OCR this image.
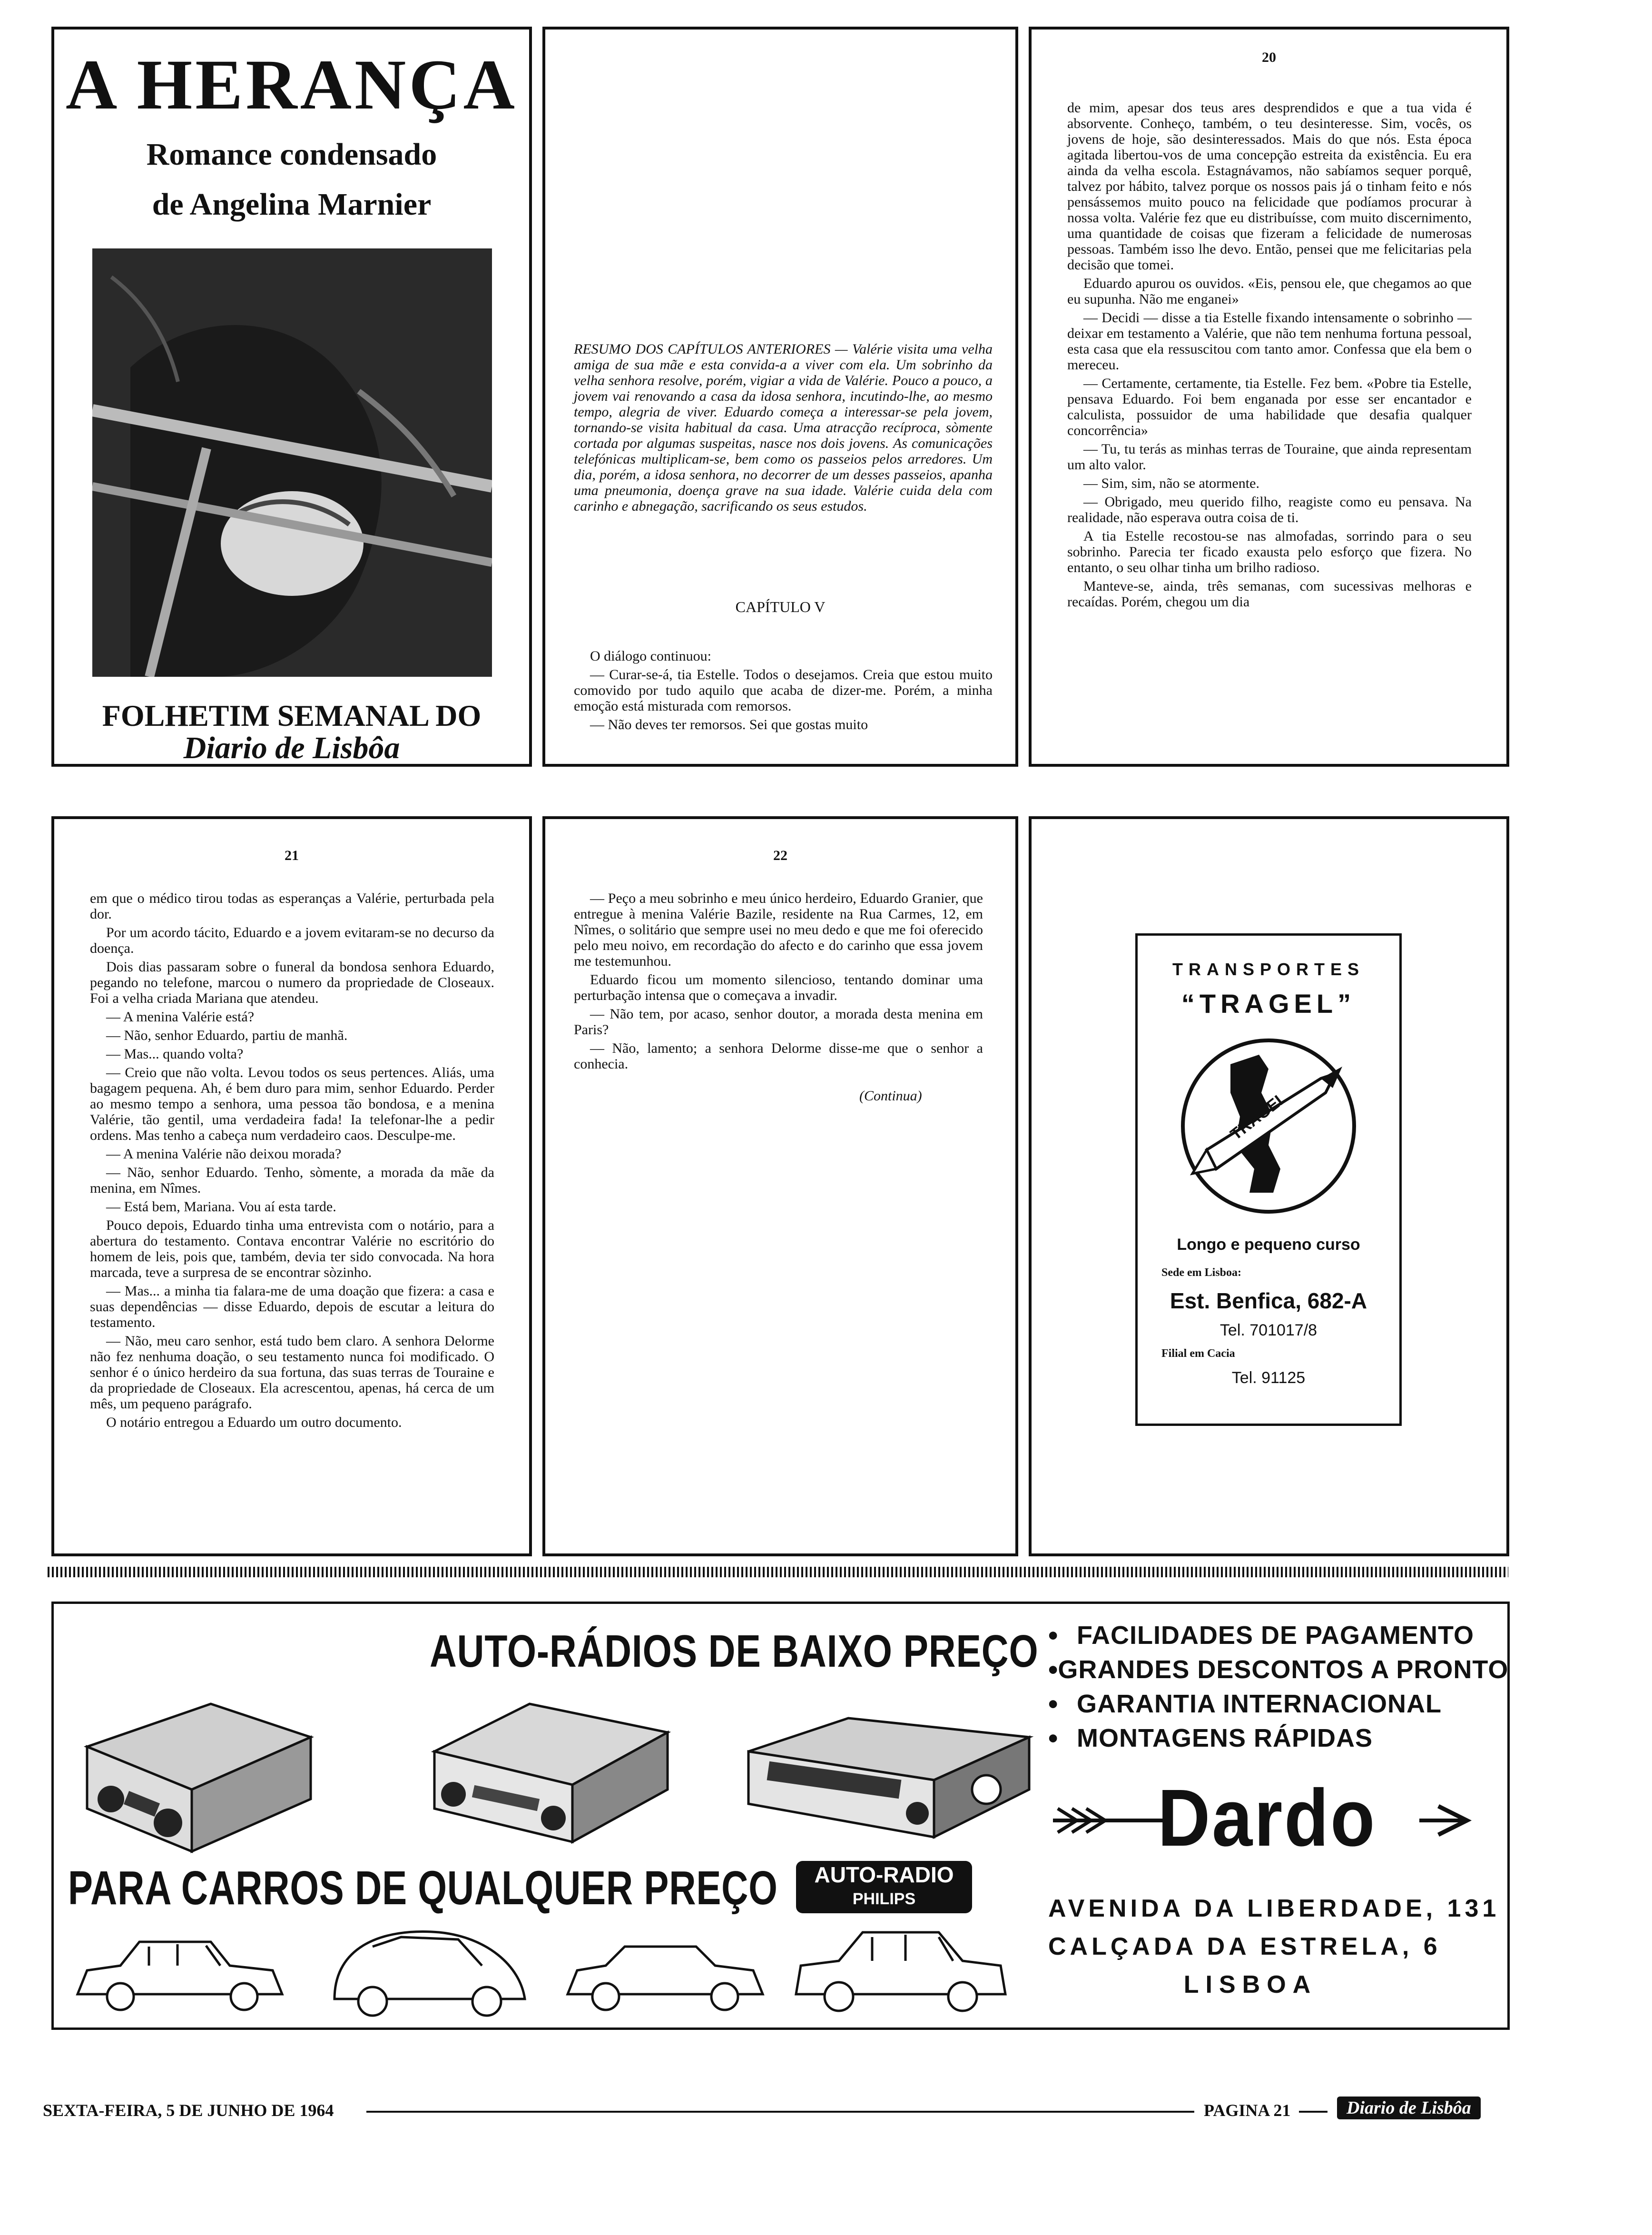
A HERANÇA
Romance condensado
de Angelina Marnier
FOLHETIM SEMANAL DO
Diario de Lisbôa
RESUMO DOS CAPÍTULOS ANTERIORES — Valérie visita uma velha amiga de sua mãe e esta convida-a a viver com ela. Um sobrinho da velha senhora resolve, porém, vigiar a vida de Valérie. Pouco a pouco, a jovem vai renovando a casa da idosa senhora, incutindo-lhe, ao mesmo tempo, alegria de viver. Eduardo começa a interessar-se pela jovem, tornando-se visita habitual da casa. Uma atracção recíproca, sòmente cortada por algumas suspeitas, nasce nos dois jovens. As comunicações telefónicas multiplicam-se, bem como os passeios pelos arredores. Um dia, porém, a idosa senhora, no decorrer de um desses passeios, apanha uma pneumonia, doença grave na sua idade. Valérie cuida dela com carinho e abnegação, sacrificando os seus estudos.
CAPÍTULO V

O diálogo continuou:

— Curar-se-á, tia Estelle. Todos o desejamos. Creia que estou muito comovido por tudo aquilo que acaba de dizer-me. Porém, a minha emoção está misturada com remorsos.

— Não deves ter remorsos. Sei que gostas muito

20

de mim, apesar dos teus ares desprendidos e que a tua vida é absorvente. Conheço, também, o teu desinteresse. Sim, vocês, os jovens de hoje, são desinteressados. Mais do que nós. Esta época agitada libertou-vos de uma concepção estreita da existência. Eu era ainda da velha escola. Estagnávamos, não sabíamos sequer porquê, talvez por hábito, talvez porque os nossos pais já o tinham feito e nós pensássemos muito pouco na felicidade que podíamos procurar à nossa volta. Valérie fez que eu distribuísse, com muito discernimento, uma quantidade de coisas que fizeram a felicidade de numerosas pessoas. Também isso lhe devo. Então, pensei que me felicitarias pela decisão que tomei.

Eduardo apurou os ouvidos. «Eis, pensou ele, que chegamos ao que eu supunha. Não me enganei»

— Decidi — disse a tia Estelle fixando intensamente o sobrinho — deixar em testamento a Valérie, que não tem nenhuma fortuna pessoal, esta casa que ela ressuscitou com tanto amor. Confessa que ela bem o mereceu.

— Certamente, certamente, tia Estelle. Fez bem. «Pobre tia Estelle, pensava Eduardo. Foi bem enganada por esse ser encantador e calculista, possuidor de uma habilidade que desafia qualquer concorrência»

— Tu, tu terás as minhas terras de Touraine, que ainda representam um alto valor.

— Sim, sim, não se atormente.

— Obrigado, meu querido filho, reagiste como eu pensava. Na realidade, não esperava outra coisa de ti.

A tia Estelle recostou-se nas almofadas, sorrindo para o seu sobrinho. Parecia ter ficado exausta pelo esforço que fizera. No entanto, o seu olhar tinha um brilho radioso.

Manteve-se, ainda, três semanas, com sucessivas melhoras e recaídas. Porém, chegou um dia

21

em que o médico tirou todas as esperanças a Valérie, perturbada pela dor.

Por um acordo tácito, Eduardo e a jovem evitaram-se no decurso da doença.

Dois dias passaram sobre o funeral da bondosa senhora Eduardo, pegando no telefone, marcou o numero da propriedade de Closeaux. Foi a velha criada Mariana que atendeu.

— A menina Valérie está?

— Não, senhor Eduardo, partiu de manhã.

— Mas... quando volta?

— Creio que não volta. Levou todos os seus pertences. Aliás, uma bagagem pequena. Ah, é bem duro para mim, senhor Eduardo. Perder ao mesmo tempo a senhora, uma pessoa tão bondosa, e a menina Valérie, tão gentil, uma verdadeira fada! Ia telefonar-lhe a pedir ordens. Mas tenho a cabeça num verdadeiro caos. Desculpe-me.

— A menina Valérie não deixou morada?

— Não, senhor Eduardo. Tenho, sòmente, a morada da mãe da menina, em Nîmes.

— Está bem, Mariana. Vou aí esta tarde.

Pouco depois, Eduardo tinha uma entrevista com o notário, para a abertura do testamento. Contava encontrar Valérie no escritório do homem de leis, pois que, também, devia ter sido convocada. Na hora marcada, teve a surpresa de se encontrar sòzinho.

— Mas... a minha tia falara-me de uma doação que fizera: a casa e suas dependências — disse Eduardo, depois de escutar a leitura do testamento.

— Não, meu caro senhor, está tudo bem claro. A senhora Delorme não fez nenhuma doação, o seu testamento nunca foi modificado. O senhor é o único herdeiro da sua fortuna, das suas terras de Touraine e da propriedade de Closeaux. Ela acrescentou, apenas, há cerca de um mês, um pequeno parágrafo.

O notário entregou a Eduardo um outro documento.

22

— Peço a meu sobrinho e meu único herdeiro, Eduardo Granier, que entregue à menina Valérie Bazile, residente na Rua Carmes, 12, em Nîmes, o solitário que sempre usei no meu dedo e que me foi oferecido pelo meu noivo, em recordação do afecto e do carinho que essa jovem me testemunhou.

Eduardo ficou um momento silencioso, tentando dominar uma perturbação intensa que o começava a invadir.

— Não tem, por acaso, senhor doutor, a morada desta menina em Paris?

— Não, lamento; a senhora Delorme disse-me que o senhor a conhecia.

(Continua)
TRANSPORTES
“TRAGEL”
TRAGEL
Longo e pequeno curso
Sede em Lisboa:
Est. Benfica, 682-A
Tel. 701017/8
Filial em Cacia
Tel. 91125
AUTO-RÁDIOS DE BAIXO PREÇO
AUTO-RADIO
PHILIPS
PARA CARROS DE QUALQUER PREÇO
• FACILIDADES DE PAGAMENTO
• GRANDES DESCONTOS A PRONTO
• GARANTIA INTERNACIONAL
• MONTAGENS RÁPIDAS
Dardo
AVENIDA DA LIBERDADE, 131
CALÇADA DA ESTRELA, 6
LISBOA
SEXTA-FEIRA, 5 DE JUNHO DE 1964	PAGINA 21	Diario de Lisbôa
